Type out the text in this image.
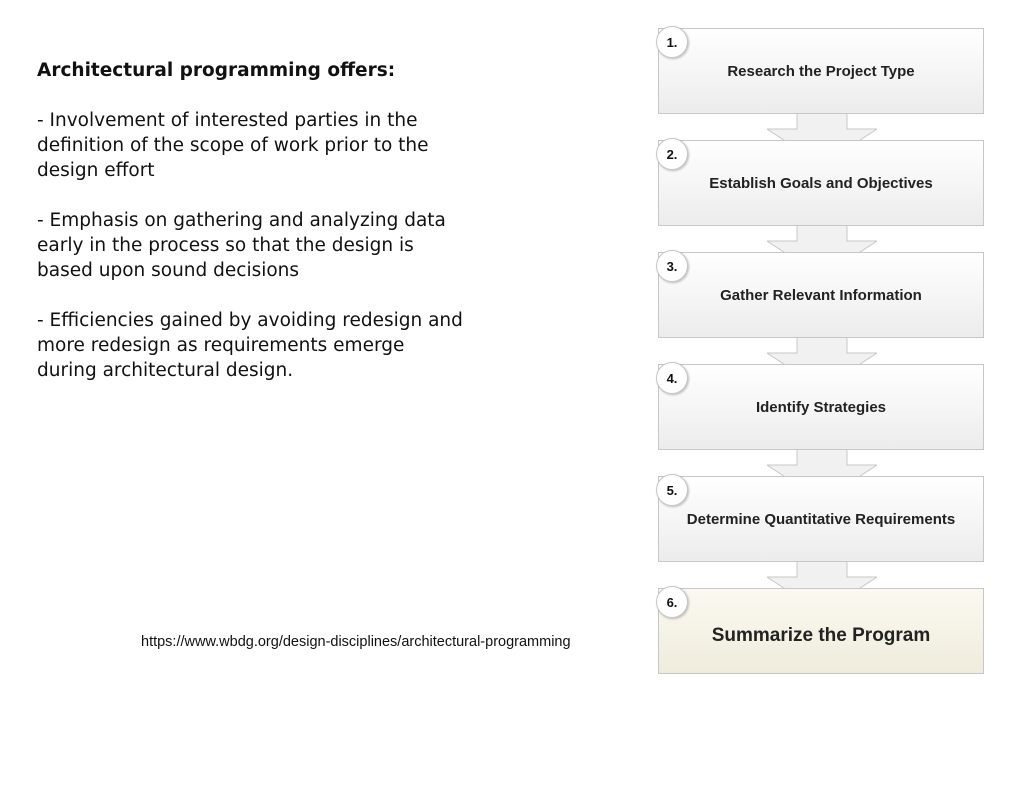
Architectural programming offers:

- Involvement of interested parties in the definition of the scope of work prior to the design effort

- Emphasis on gathering and analyzing data early in the process so that the design is based upon sound decisions

- Efficiencies gained by avoiding redesign and more redesign as requirements emerge during architectural design.

https://www.wbdg.org/design-disciplines/architectural-programming
1.
Research the Project Type
2.
Establish Goals and Objectives
3.
Gather Relevant Information
4.
Identify Strategies
5.
Determine Quantitative Requirements
6.
Summarize the Program
